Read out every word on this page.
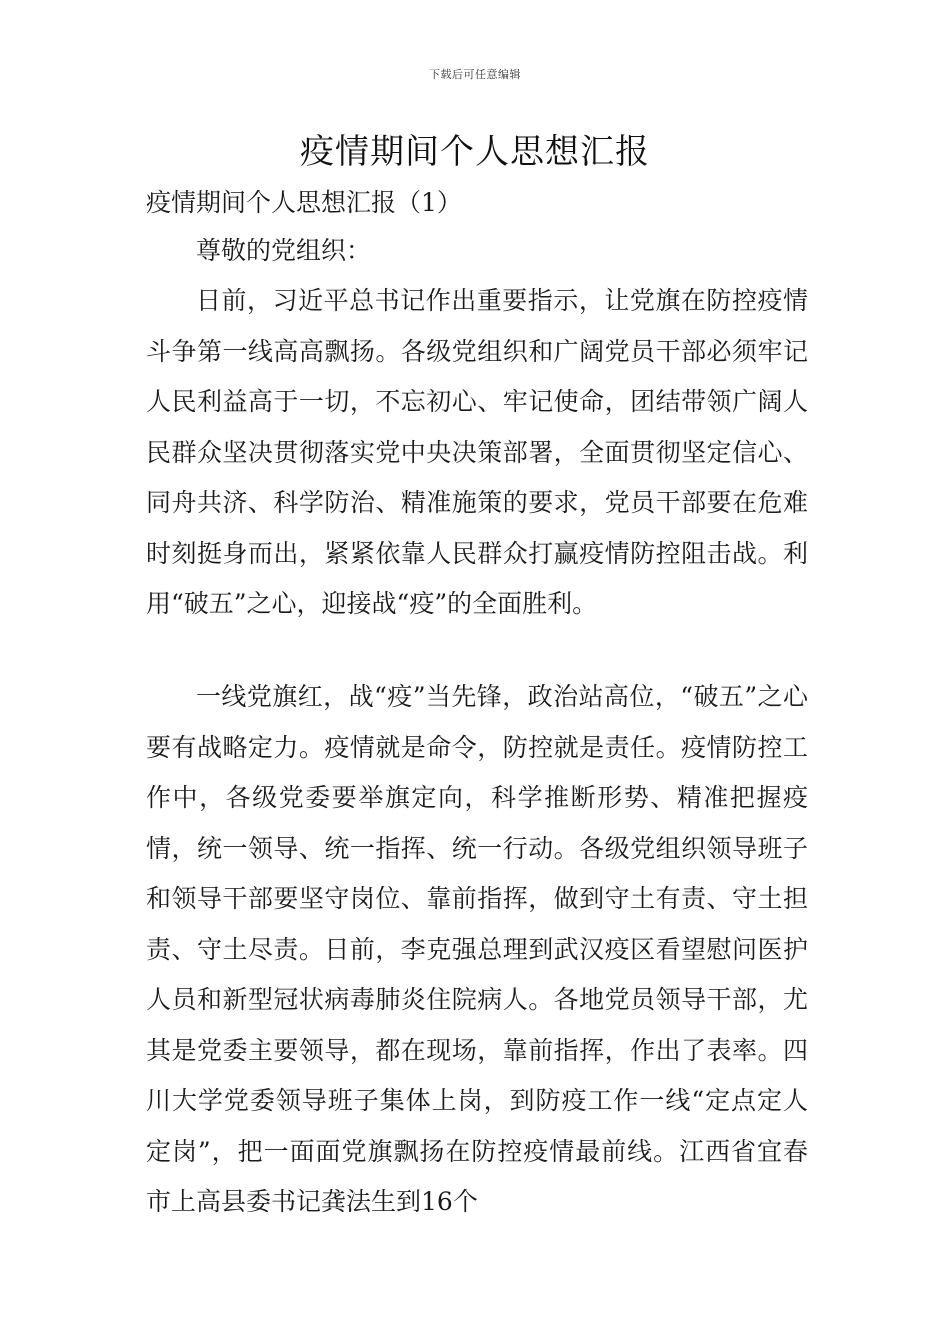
下载后可任意编辑
疫情期间个人思想汇报
疫情期间个人思想汇报（1）
尊敬的党组织：

日前，习近平总书记作出重要指示，让党旗在防控疫情斗争第一线高高飘扬。各级党组织和广阔党员干部必须牢记人民利益高于一切，不忘初心、牢记使命，团结带领广阔人民群众坚决贯彻落实党中央决策部署，全面贯彻坚定信心、同舟共济、科学防治、精准施策的要求，党员干部要在危难时刻挺身而出，紧紧依靠人民群众打赢疫情防控阻击战。利用“破五”之心，迎接战“疫”的全面胜利。

一线党旗红，战“疫”当先锋，政治站高位，“破五”之心要有战略定力。疫情就是命令，防控就是责任。疫情防控工作中，各级党委要举旗定向，科学推断形势、精准把握疫情，统一领导、统一指挥、统一行动。各级党组织领导班子和领导干部要坚守岗位、靠前指挥，做到守土有责、守土担责、守土尽责。日前，李克强总理到武汉疫区看望慰问医护人员和新型冠状病毒肺炎住院病人。各地党员领导干部，尤其是党委主要领导，都在现场，靠前指挥，作出了表率。四川大学党委领导班子集体上岗，到防疫工作一线“定点定人定岗”，把一面面党旗飘扬在防控疫情最前线。江西省宜春市上高县委书记龚法生到16个
